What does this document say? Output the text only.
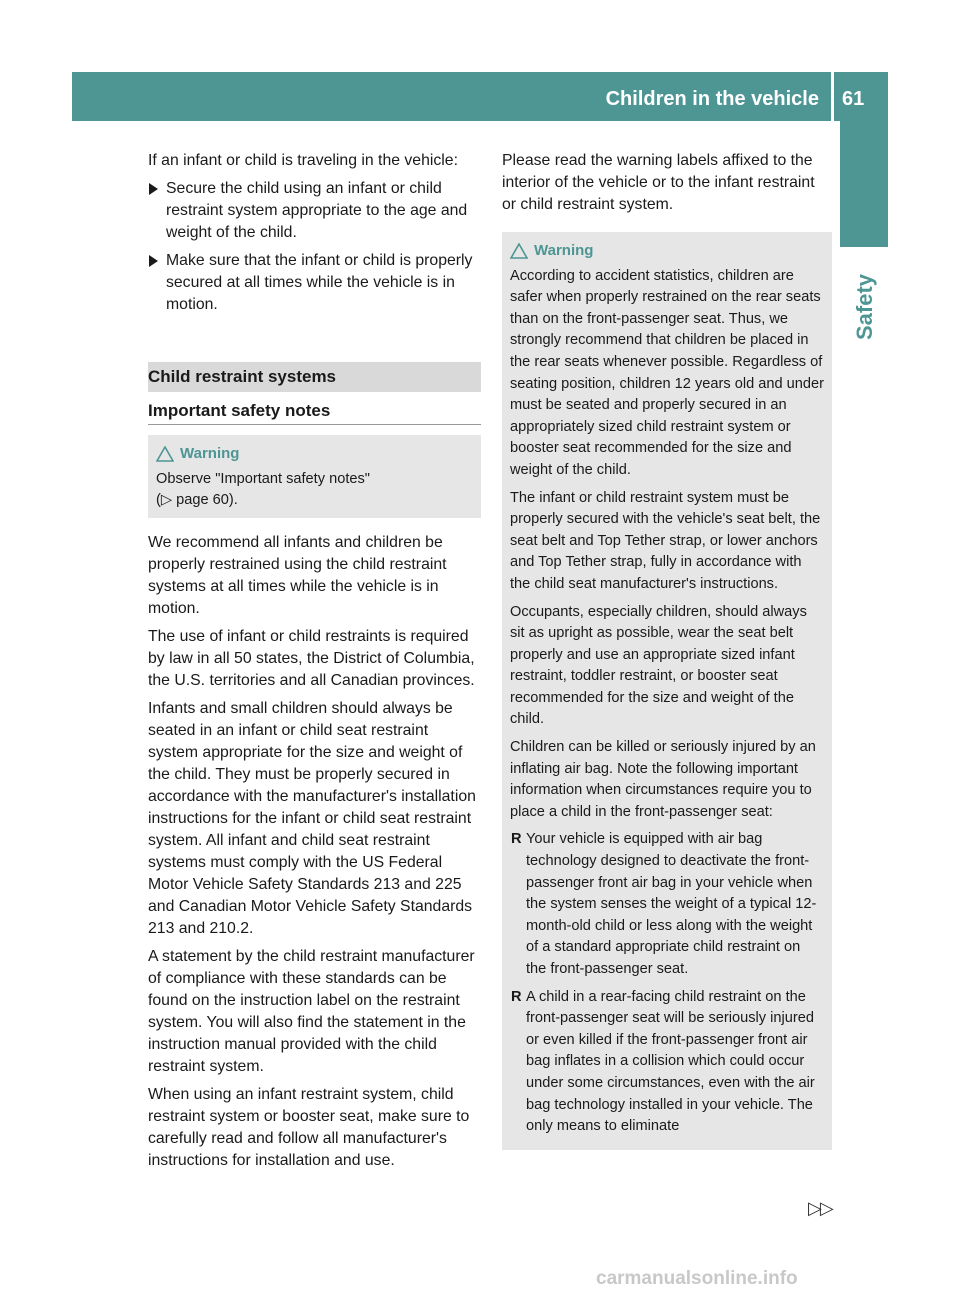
Children in the vehicle 61
Safety

If an infant or child is traveling in the vehicle:

Secure the child using an infant or child restraint system appropriate to the age and weight of the child.
Make sure that the infant or child is properly secured at all times while the vehicle is in motion.
Child restraint systems
Important safety notes
Warning
Observe "Important safety notes"
(▷ page 60).

We recommend all infants and children be properly restrained using the child restraint systems at all times while the vehicle is in motion.

The use of infant or child restraints is required by law in all 50 states, the District of Columbia, the U.S. territories and all Canadian provinces.

Infants and small children should always be seated in an infant or child seat restraint system appropriate for the size and weight of the child. They must be properly secured in accordance with the manufacturer's installation instructions for the infant or child seat restraint system. All infant and child seat restraint systems must comply with the US Federal Motor Vehicle Safety Standards 213 and 225 and Canadian Motor Vehicle Safety Standards 213 and 210.2.

A statement by the child restraint manufacturer of compliance with these standards can be found on the instruction label on the restraint system. You will also find the statement in the instruction manual provided with the child restraint system.

When using an infant restraint system, child restraint system or booster seat, make sure to carefully read and follow all manufacturer's instructions for installation and use.

Please read the warning labels affixed to the interior of the vehicle or to the infant restraint or child restraint system.

Warning

According to accident statistics, children are safer when properly restrained on the rear seats than on the front-passenger seat. Thus, we strongly recommend that children be placed in the rear seats whenever possible. Regardless of seating position, children 12 years old and under must be seated and properly secured in an appropriately sized child restraint system or booster seat recommended for the size and weight of the child.

The infant or child restraint system must be properly secured with the vehicle's seat belt, the seat belt and Top Tether strap, or lower anchors and Top Tether strap, fully in accordance with the child seat manufacturer's instructions.

Occupants, especially children, should always sit as upright as possible, wear the seat belt properly and use an appropriate sized infant restraint, toddler restraint, or booster seat recommended for the size and weight of the child.

Children can be killed or seriously injured by an inflating air bag. Note the following important information when circumstances require you to place a child in the front-passenger seat:

R Your vehicle is equipped with air bag technology designed to deactivate the front-passenger front air bag in your vehicle when the system senses the weight of a typical 12-month-old child or less along with the weight of a standard appropriate child restraint on the front-passenger seat.
R A child in a rear-facing child restraint on the front-passenger seat will be seriously injured or even killed if the front-passenger front air bag inflates in a collision which could occur under some circumstances, even with the air bag technology installed in your vehicle. The only means to eliminate
▷▷
carmanualsonline.info
